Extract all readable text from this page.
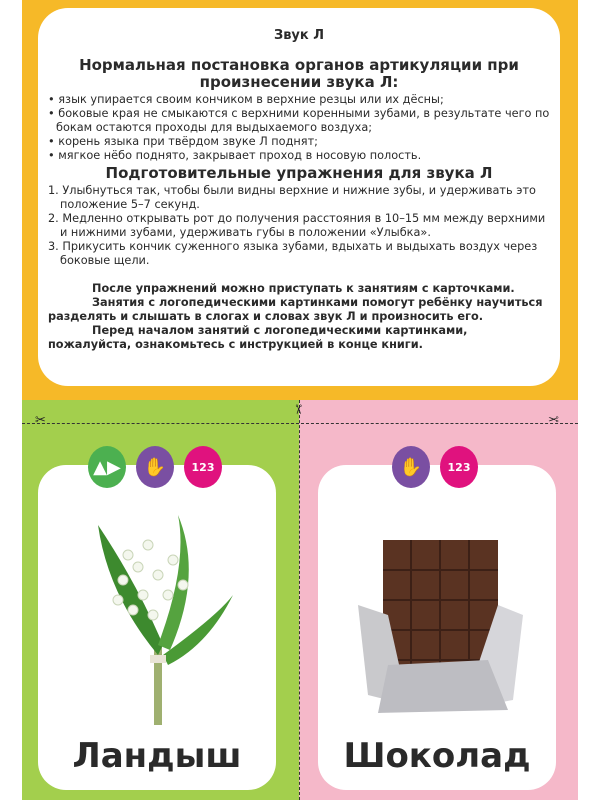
Звук Л
Нормальная постановка органов артикуляции при произнесении звука Л:
• язык упирается своим кончиком в верхние резцы или их дёсны;
• боковые края не смыкаются с верхними коренными зубами, в результате чего по бокам остаются проходы для выдыхаемого воздуха;
• корень языка при твёрдом звуке Л поднят;
• мягкое нёбо поднято, закрывает проход в носовую полость.
Подготовительные упражнения для звука Л
1. Улыбнуться так, чтобы были видны верхние и нижние зубы, и удерживать это положение 5–7 секунд.
2. Медленно открывать рот до получения расстояния в 10–15 мм между верхними и нижними зубами, удерживать губы в положении «Улыбка».
3. Прикусить кончик суженного языка зубами, вдыхать и выдыхать воздух через боковые щели.

После упражнений можно приступать к занятиям с карточками.

Занятия с логопедическими картинками помогут ребёнку научиться разделять и слышать в слогах и словах звук Л и произносить его.

Перед началом занятий с логопедическими картинками, пожалуйста, ознакомьтесь с инструкцией в конце книги.

✂
✂
✂
Ландыш
▲▶	✋	123
Шоколад
✋	123
